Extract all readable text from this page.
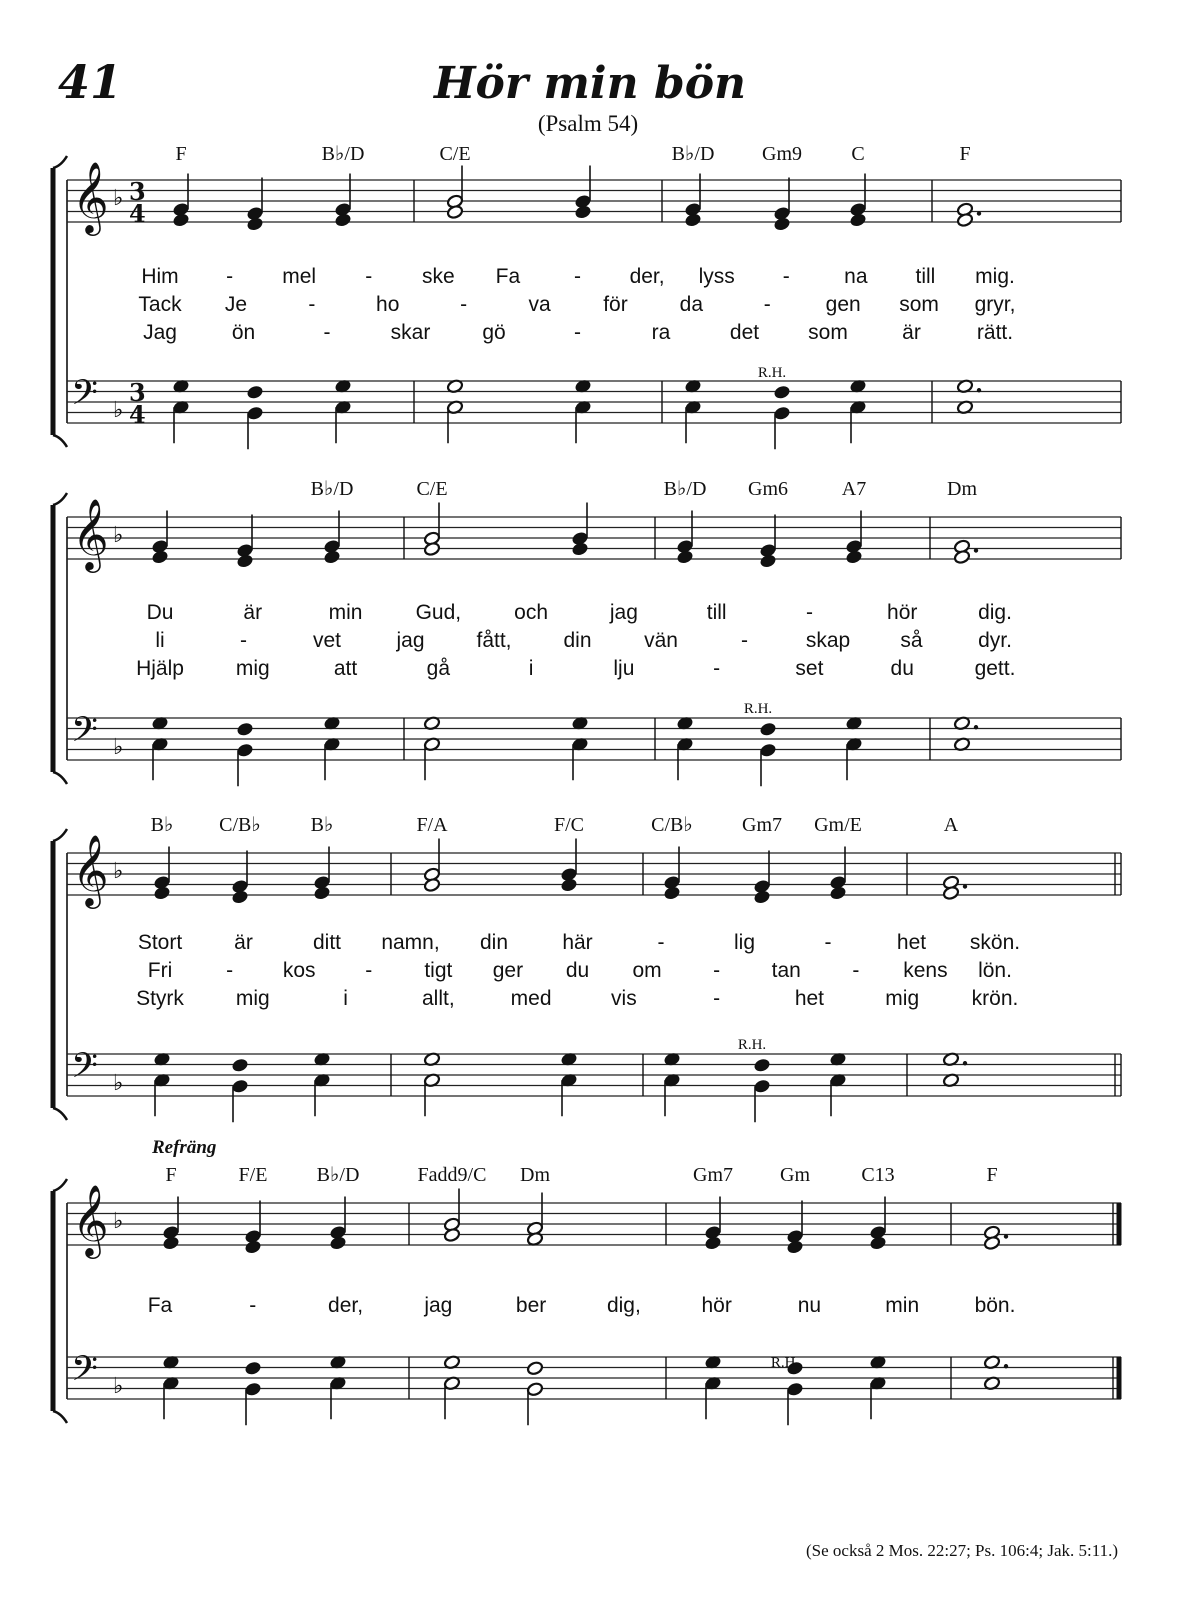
41	Hör min bön
(Psalm 54)
𝄞
𝄢
♭
♭
3
4
3
4
F	B♭/D	C/E	B♭/D Gm9 C	F
R.H.
Him - mel - ske Fa	- der, lyss -	na till mig.
Tack Je	-	ho	-	va	för da	-	gen som gryr,
Jag	ön	-	skar gö	-	ra	det som	är	rätt.
𝄞
𝄢
♭
♭
B♭/D	C/E	B♭/D Gm6	A7	Dm
R.H.
Du	är	min	Gud,	och	jag	till	-	hör	dig.
li	-	vet	jag fått, din	vän	-	skap så	dyr.
Hjälp mig	att	gå	i	lju	-	set	du	gett.
𝄞
𝄢
♭
♭
B♭ C/B♭ B♭	F/A	F/C	C/B♭ Gm7 Gm/E	A
R.H.
Stort är	ditt namn, din	här	-	lig	-	het skön.
Fri	- kos - tigt ger du om - tan - kens lön.
Styrk mig	i	allt,	med	vis	-	het	mig	krön.
𝄞
𝄢
♭
♭
F	F/E B♭/D	Fadd9/C Dm	Gm7 Gm	C13	F
R.H.
Refräng
Fa	-	der,	jag	ber	dig,	hör	nu	min	bön.
(Se också 2 Mos. 22:27; Ps. 106:4; Jak. 5:11.)
